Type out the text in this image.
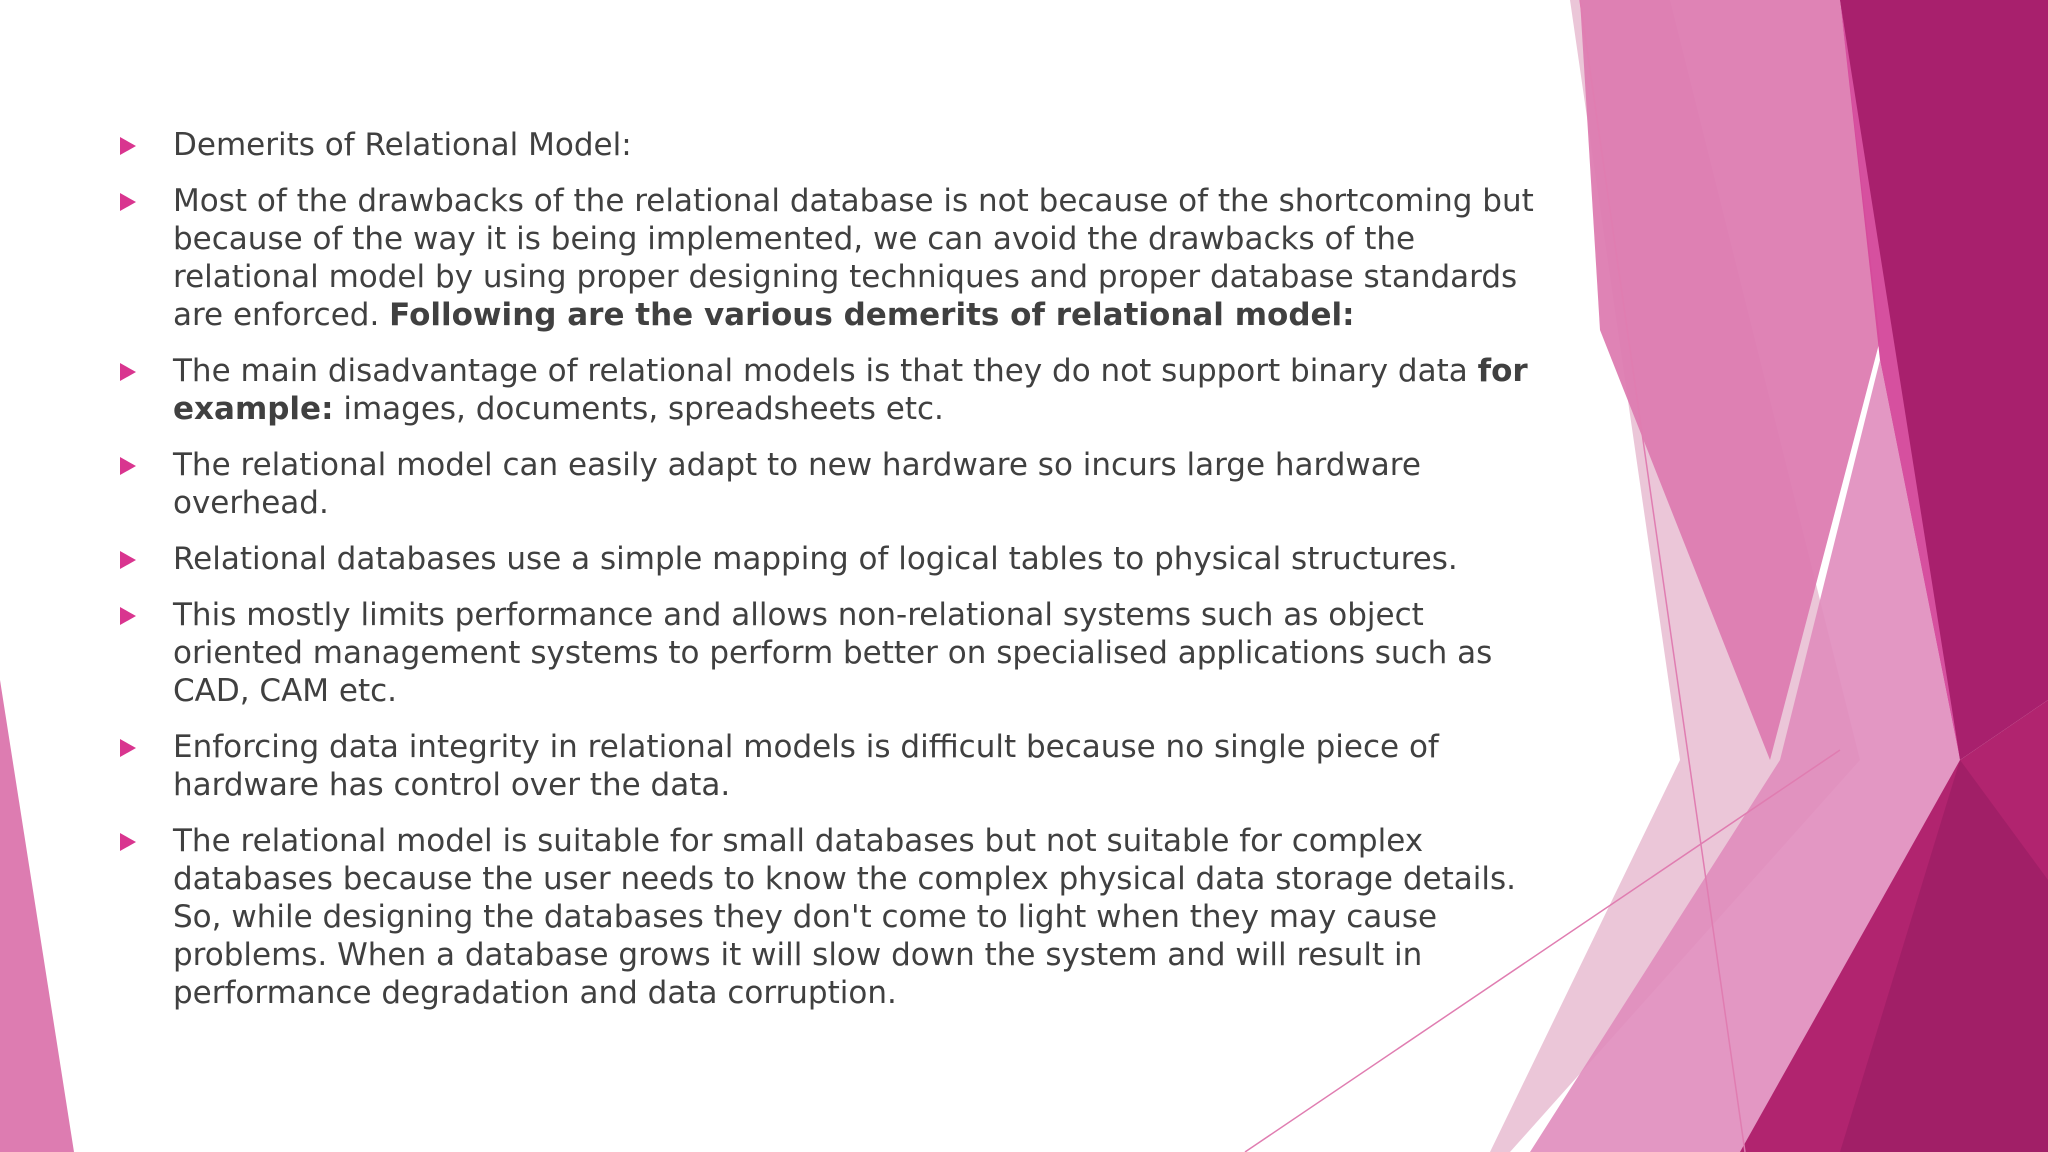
Demerits of Relational Model:
Most of the drawbacks of the relational database is not because of the shortcoming but because of the way it is being implemented, we can avoid the drawbacks of the relational model by using proper designing techniques and proper database standards are enforced. Following are the various demerits of relational model:
The main disadvantage of relational models is that they do not support binary data for example: images, documents, spreadsheets etc.
The relational model can easily adapt to new hardware so incurs large hardware overhead.
Relational databases use a simple mapping of logical tables to physical structures.
This mostly limits performance and allows non-relational systems such as object oriented management systems to perform better on specialised applications such as CAD, CAM etc.
Enforcing data integrity in relational models is difficult because no single piece of hardware has control over the data.
The relational model is suitable for small databases but not suitable for complex databases because the user needs to know the complex physical data storage details. So, while designing the databases they don't come to light when they may cause problems. When a database grows it will slow down the system and will result in performance degradation and data corruption.
